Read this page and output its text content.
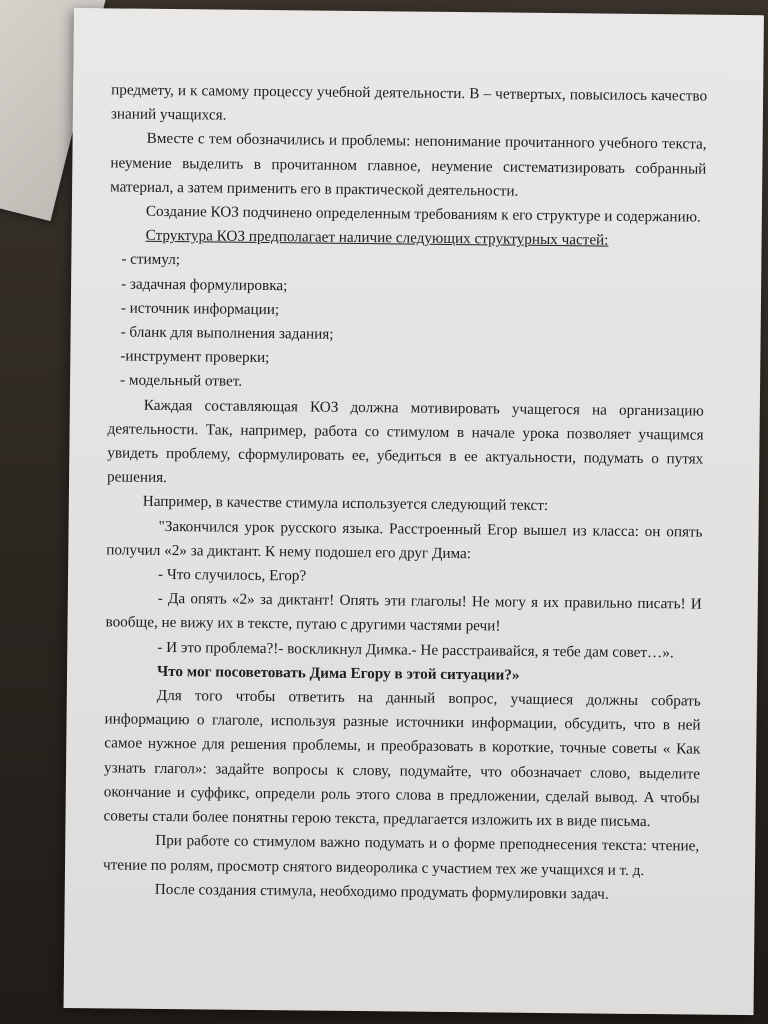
предмету, и к самому процессу учебной деятельности. В – четвертых, повысилось качество знаний учащихся.

Вместе с тем обозначились и проблемы: непонимание прочитанного учебного текста, неумение выделить в прочитанном главное, неумение систематизировать собранный материал, а затем применить его в практической деятельности.

Создание КОЗ подчинено определенным требованиям к его структуре и содержанию.

Структура КОЗ предполагает наличие следующих структурных частей:

- стимул;

- задачная формулировка;

- источник информации;

- бланк для выполнения задания;

-инструмент проверки;

- модельный ответ.

Каждая составляющая КОЗ должна мотивировать учащегося на организацию деятельности. Так, например, работа со стимулом в начале урока позволяет учащимся увидеть проблему, сформулировать ее, убедиться в ее актуальности, подумать о путях решения.

Например, в качестве стимула используется следующий текст:

"Закончился урок русского языка. Расстроенный Егор вышел из класса: он опять получил «2» за диктант. К нему подошел его друг Дима:

- Что случилось, Егор?

- Да опять «2» за диктант! Опять эти глаголы! Не могу я их правильно писать! И вообще, не вижу их в тексте, путаю с другими частями речи!

- И это проблема?!- воскликнул Димка.- Не расстраивайся, я тебе дам совет…».

Что мог посоветовать Дима Егору в этой ситуации?»

Для того чтобы ответить на данный вопрос, учащиеся должны собрать информацию о глаголе, используя разные источники информации, обсудить, что в ней самое нужное для решения проблемы, и преобразовать в короткие, точные советы « Как узнать глагол»: задайте вопросы к слову, подумайте, что обозначает слово, выделите окончание и суффикс, определи роль этого слова в предложении, сделай вывод. А чтобы советы стали более понятны герою текста, предлагается изложить их в виде письма.

При работе со стимулом важно подумать и о форме преподнесения текста: чтение, чтение по ролям, просмотр снятого видеоролика с участием тех же учащихся и т. д.

После создания стимула, необходимо продумать формулировки задач.
